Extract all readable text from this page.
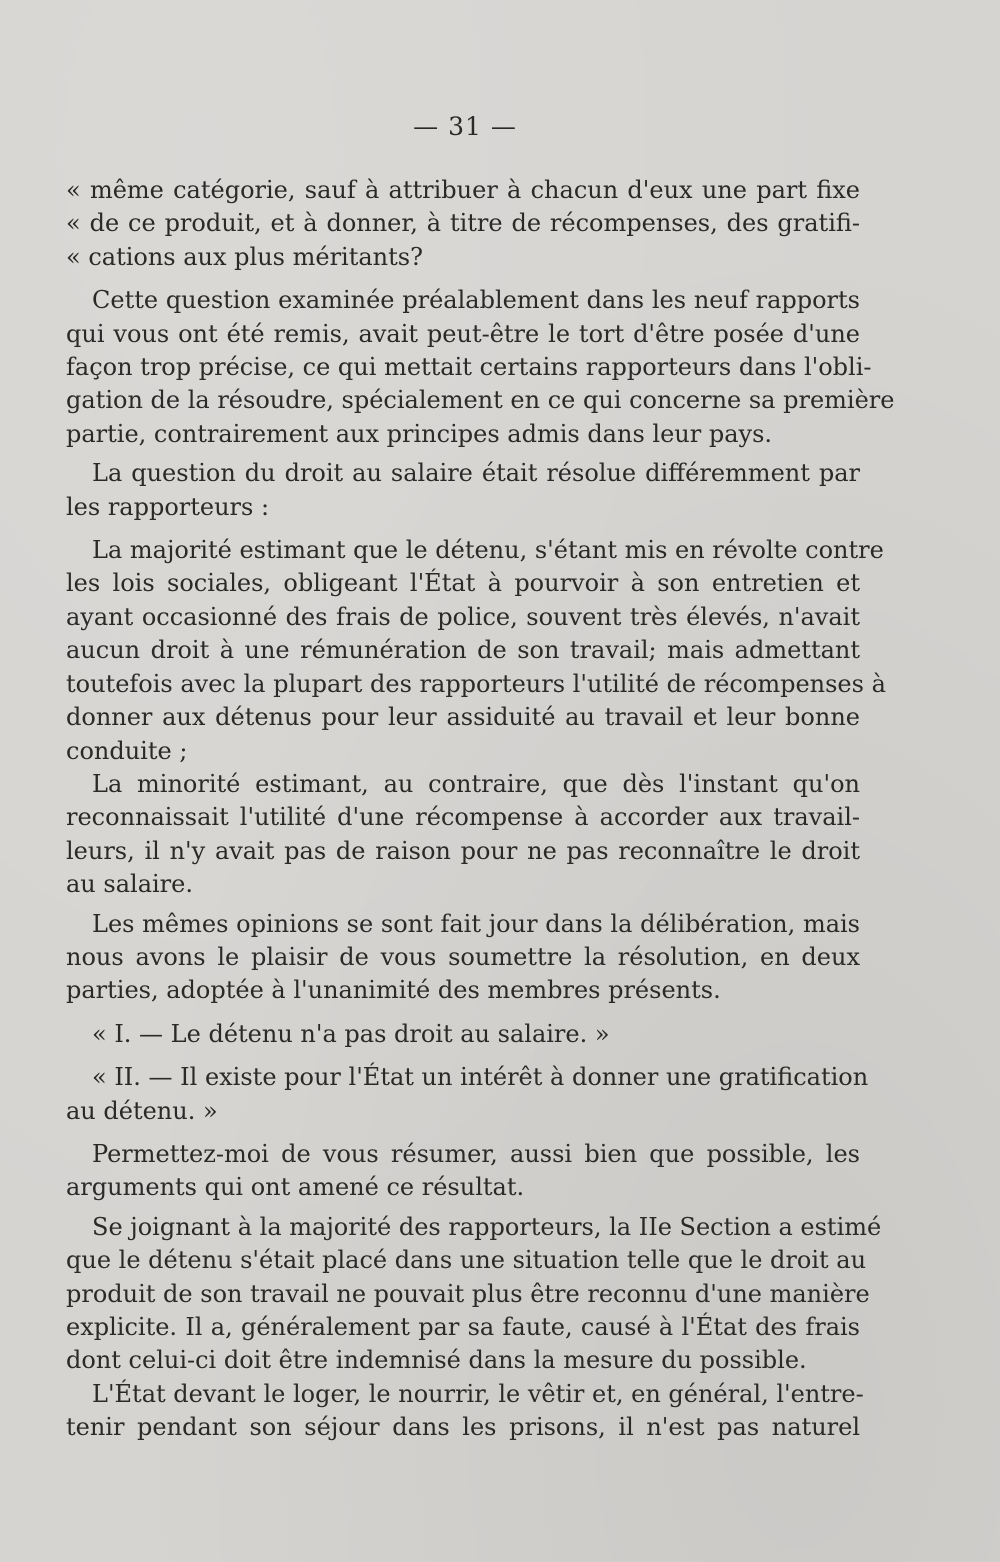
— 31 —
« même catégorie, sauf à attribuer à chacun d'eux une part fixe
« de ce produit, et à donner, à titre de récompenses, des gratifi-
« cations aux plus méritants?
Cette question examinée préalablement dans les neuf rapports
qui vous ont été remis, avait peut-être le tort d'être posée d'une
façon trop précise, ce qui mettait certains rapporteurs dans l'obli-
gation de la résoudre, spécialement en ce qui concerne sa première
partie, contrairement aux principes admis dans leur pays.
La question du droit au salaire était résolue différemment par
les rapporteurs :
La majorité estimant que le détenu, s'étant mis en révolte contre
les lois sociales, obligeant l'État à pourvoir à son entretien et
ayant occasionné des frais de police, souvent très élevés, n'avait
aucun droit à une rémunération de son travail; mais admettant
toutefois avec la plupart des rapporteurs l'utilité de récompenses à
donner aux détenus pour leur assiduité au travail et leur bonne
conduite ;
La minorité estimant, au contraire, que dès l'instant qu'on
reconnaissait l'utilité d'une récompense à accorder aux travail-
leurs, il n'y avait pas de raison pour ne pas reconnaître le droit
au salaire.
Les mêmes opinions se sont fait jour dans la délibération, mais
nous avons le plaisir de vous soumettre la résolution, en deux
parties, adoptée à l'unanimité des membres présents.
« I. — Le détenu n'a pas droit au salaire. »
« II. — Il existe pour l'État un intérêt à donner une gratification
au détenu. »
Permettez-moi de vous résumer, aussi bien que possible, les
arguments qui ont amené ce résultat.
Se joignant à la majorité des rapporteurs, la IIe Section a estimé
que le détenu s'était placé dans une situation telle que le droit au
produit de son travail ne pouvait plus être reconnu d'une manière
explicite. Il a, généralement par sa faute, causé à l'État des frais
dont celui-ci doit être indemnisé dans la mesure du possible.
L'État devant le loger, le nourrir, le vêtir et, en général, l'entre-
tenir pendant son séjour dans les prisons, il n'est pas naturel
